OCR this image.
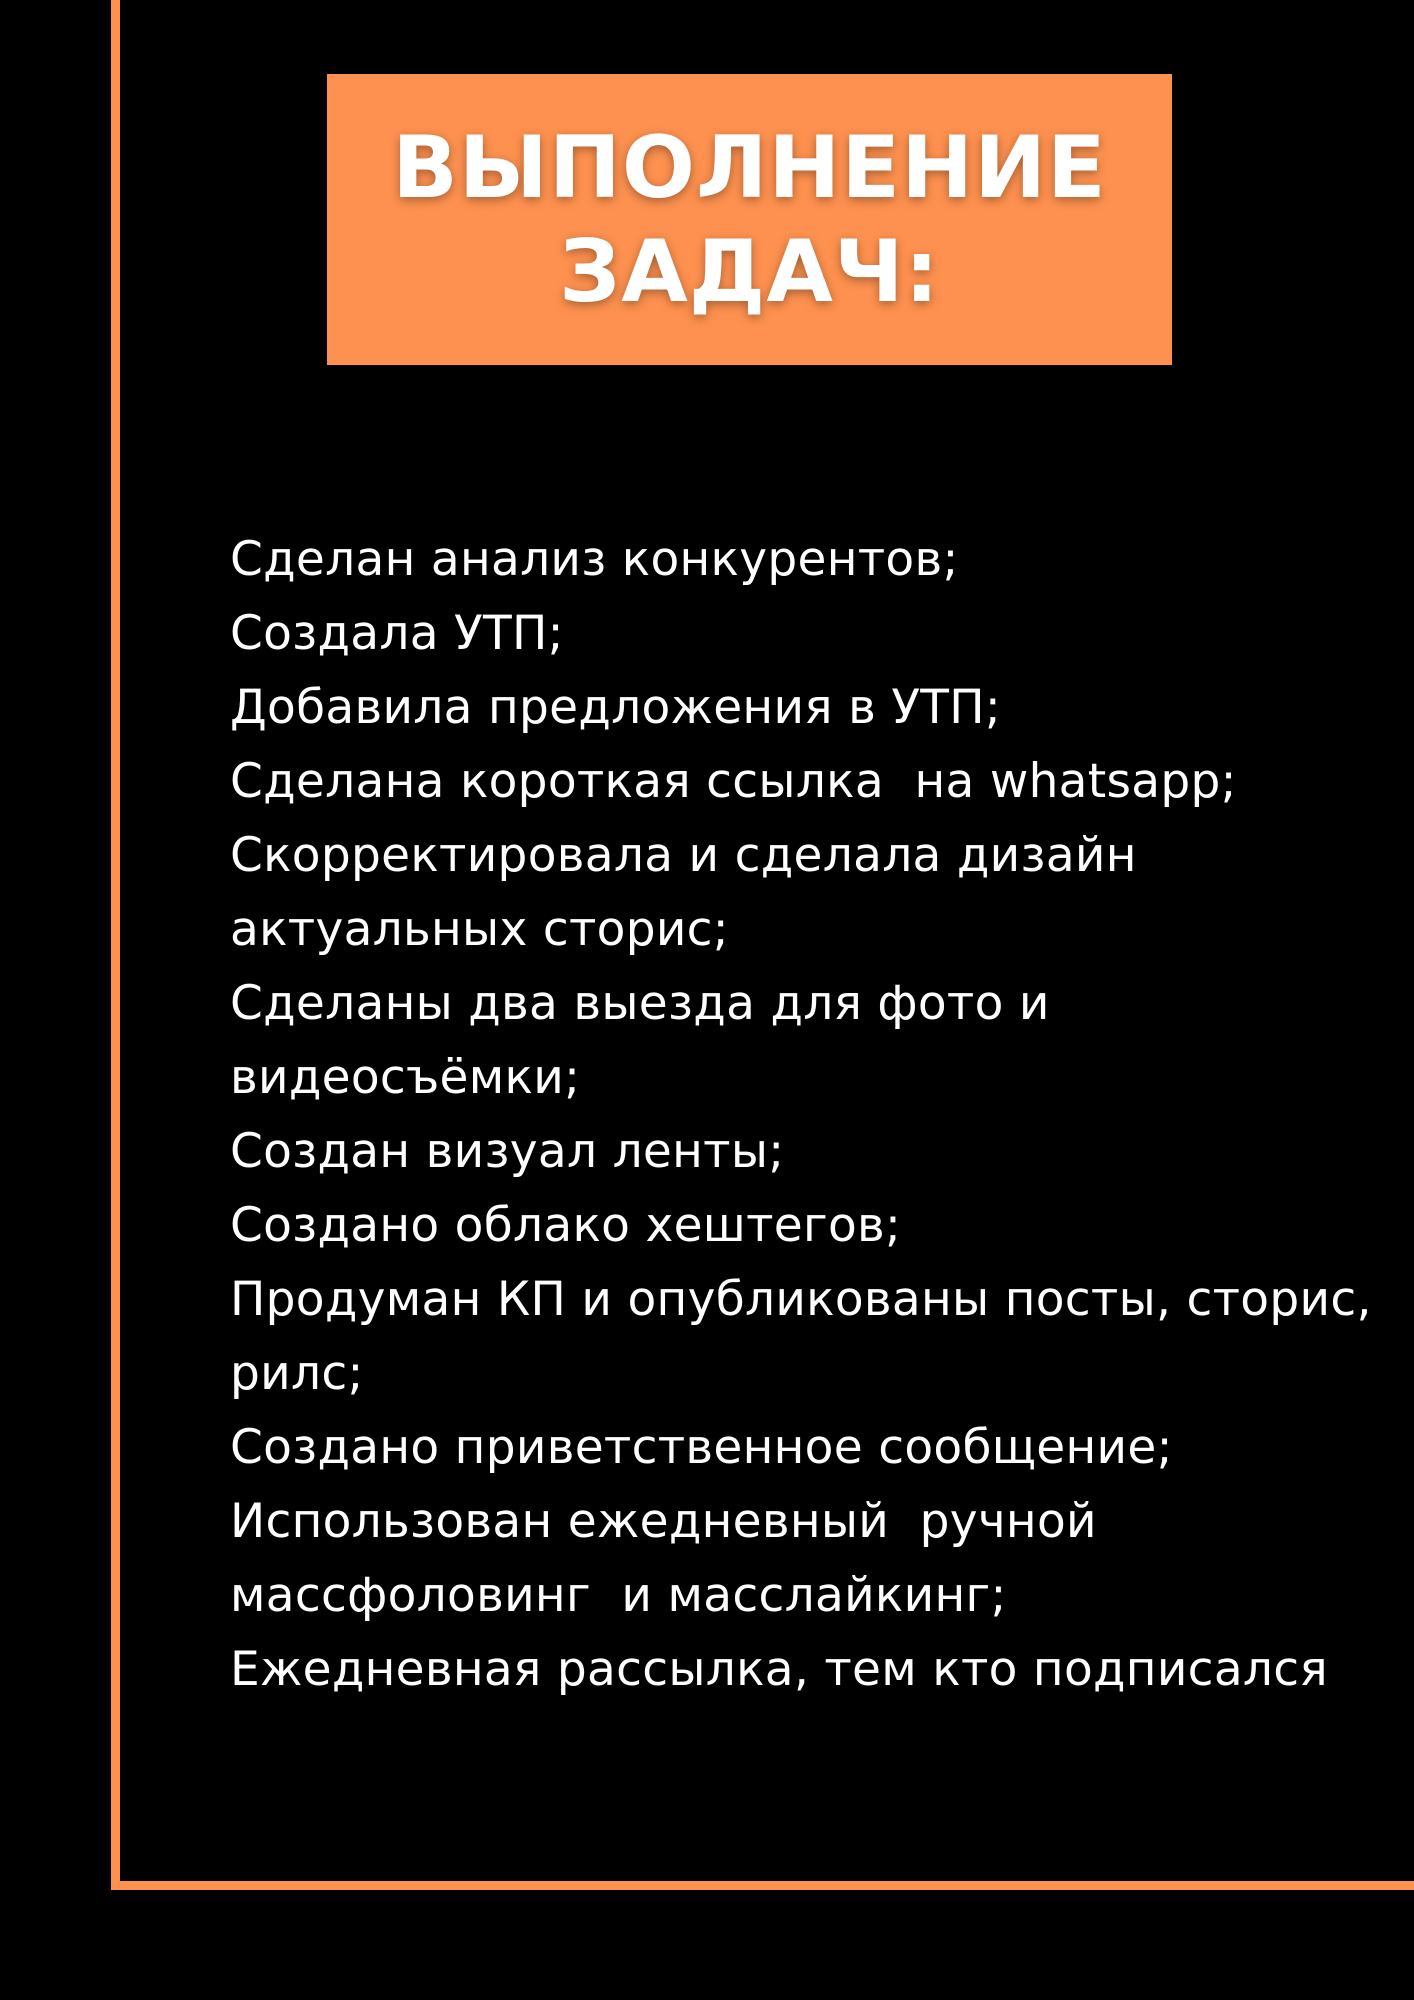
ВЫПОЛНЕНИЕ
ЗАДАЧ:
Сделан анализ конкурентов;
Создала УТП;
Добавила предложения в УТП;
Сделана короткая ссылка  на whatsapp;
Скорректировала и сделала дизайн актуальных сторис;
Сделаны два выезда для фото и видеосъёмки;
Создан визуал ленты;
Создано облако хештегов;
Продуман КП и опубликованы посты, сторис, рилс;
Создано приветственное сообщение;
Использован ежедневный  ручной массфоловинг  и масслайкинг;
Ежедневная рассылка, тем кто подписался
